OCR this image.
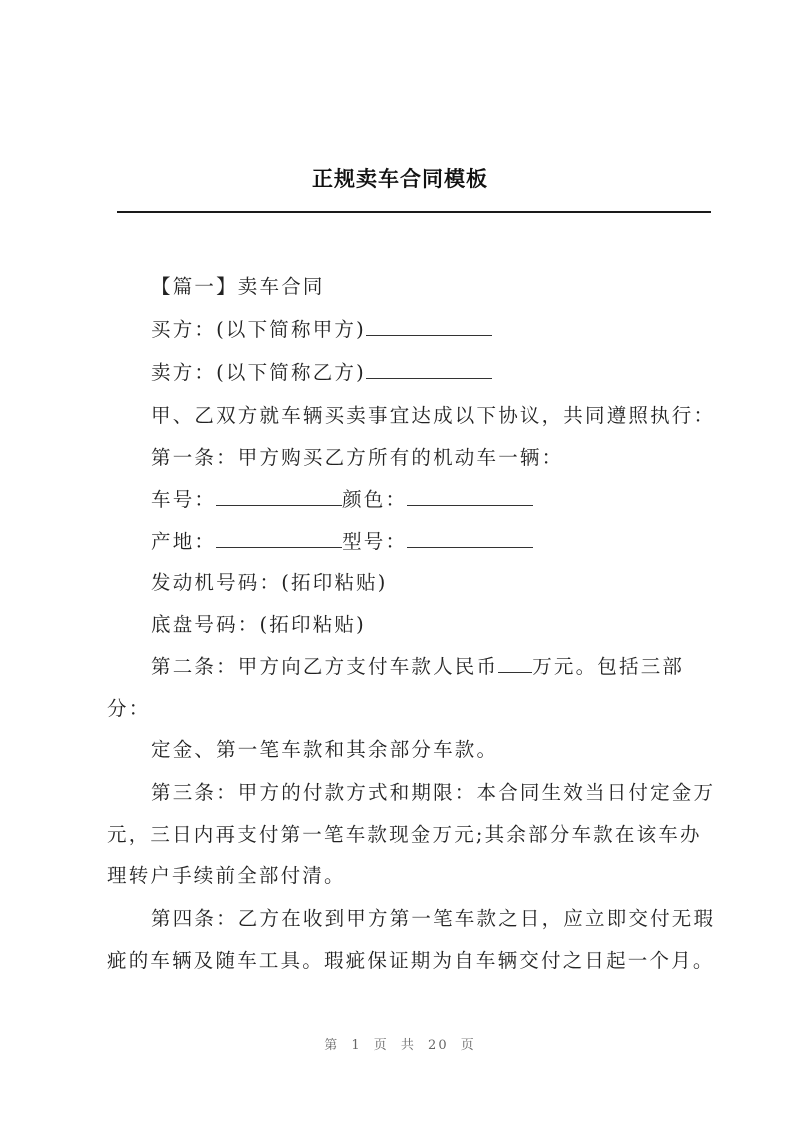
正规卖车合同模板
【篇一】卖车合同
买方：(以下简称甲方)
卖方：(以下简称乙方)
甲、乙双方就车辆买卖事宜达成以下协议，共同遵照执行：
第一条：甲方购买乙方所有的机动车一辆：
车号：	颜色：
产地：	型号：
发动机号码：(拓印粘贴)
底盘号码：(拓印粘贴)
第二条：甲方向乙方支付车款人民币 万元。包括三部
分：
定金、第一笔车款和其余部分车款。
第三条：甲方的付款方式和期限：本合同生效当日付定金万
元，三日内再支付第一笔车款现金万元;其余部分车款在该车办
理转户手续前全部付清。
第四条：乙方在收到甲方第一笔车款之日，应立即交付无瑕
疵的车辆及随车工具。瑕疵保证期为自车辆交付之日起一个月。
第 1 页 共 20 页
